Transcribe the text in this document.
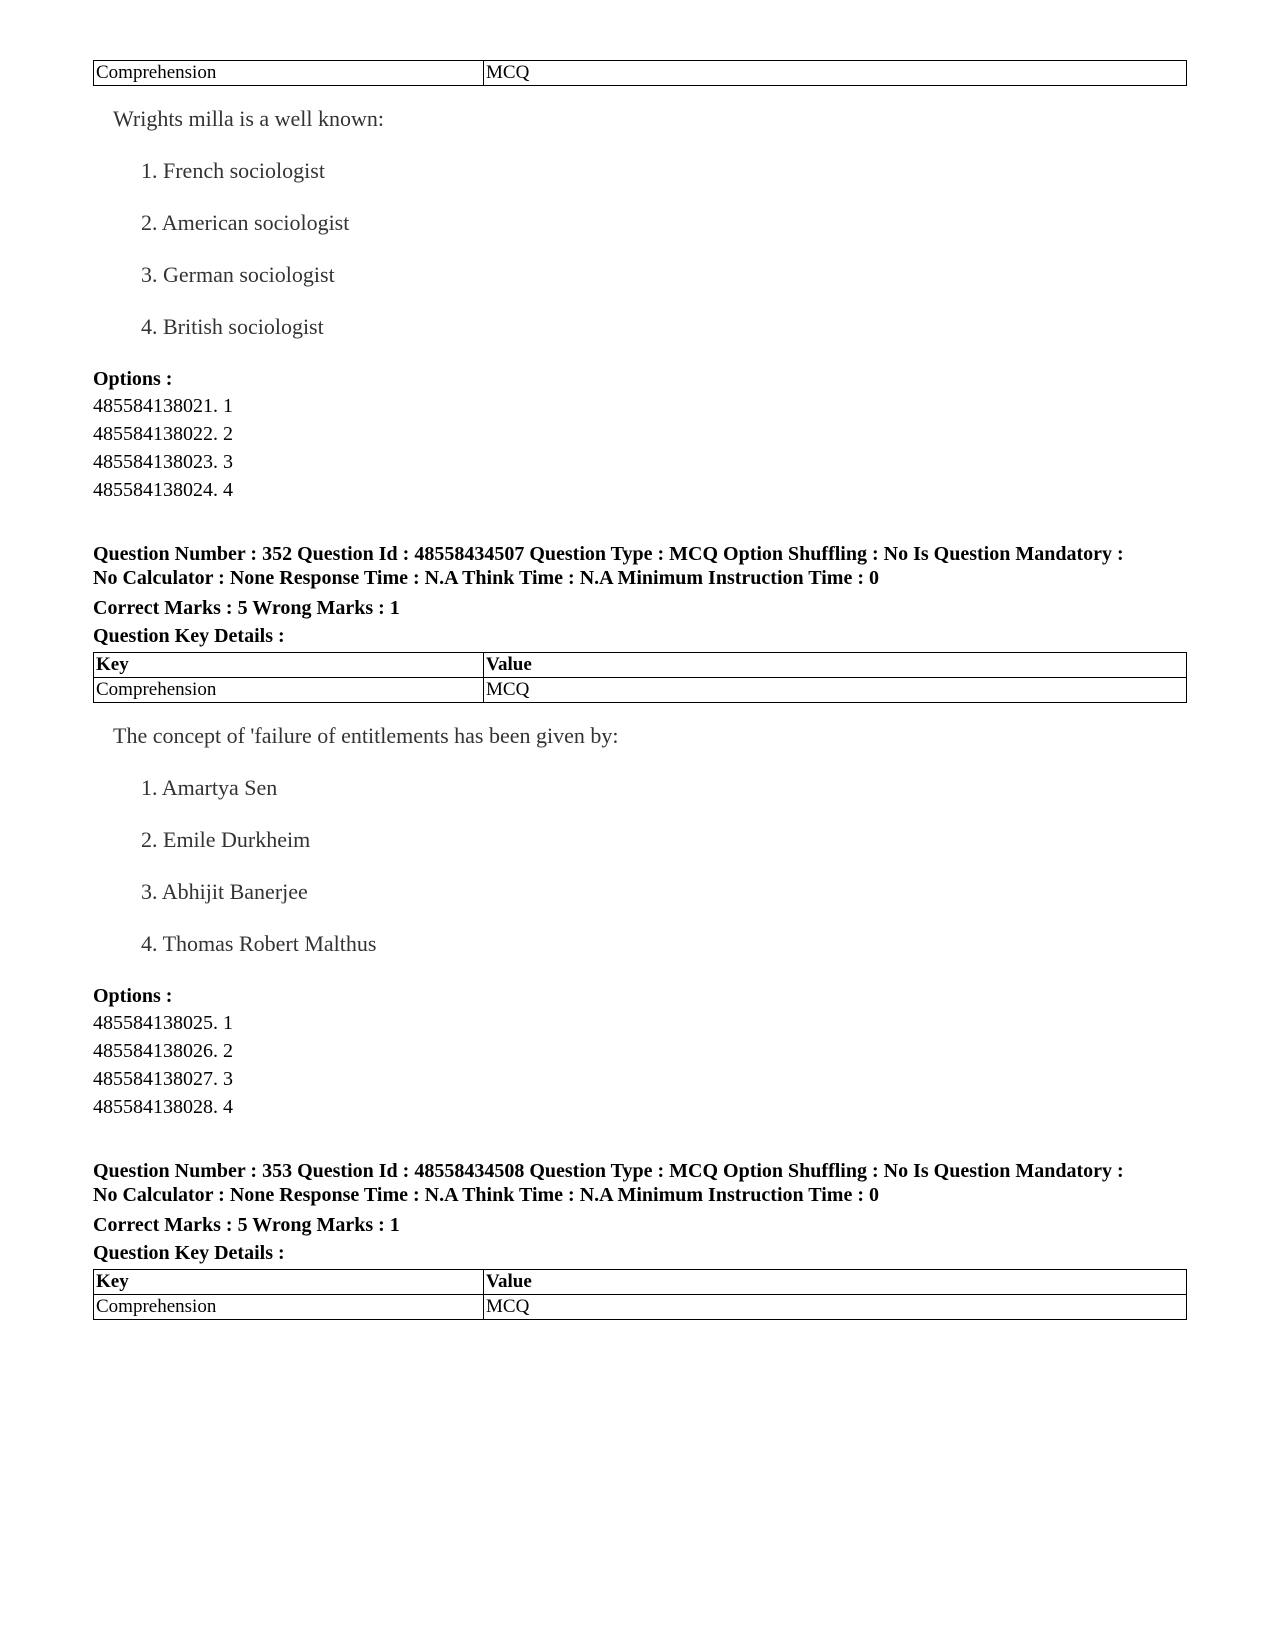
Comprehension	MCQ
Wrights milla is a well known:
1. French sociologist
2. American sociologist
3. German sociologist
4. British sociologist
Options :
485584138021. 1
485584138022. 2
485584138023. 3
485584138024. 4
Question Number : 352 Question Id : 48558434507 Question Type : MCQ Option Shuffling : No Is Question Mandatory :
No Calculator : None Response Time : N.A Think Time : N.A Minimum Instruction Time : 0
Correct Marks : 5 Wrong Marks : 1
Question Key Details :
Key	Value
Comprehension	MCQ
The concept of 'failure of entitlements has been given by:
1. Amartya Sen
2. Emile Durkheim
3. Abhijit Banerjee
4. Thomas Robert Malthus
Options :
485584138025. 1
485584138026. 2
485584138027. 3
485584138028. 4
Question Number : 353 Question Id : 48558434508 Question Type : MCQ Option Shuffling : No Is Question Mandatory :
No Calculator : None Response Time : N.A Think Time : N.A Minimum Instruction Time : 0
Correct Marks : 5 Wrong Marks : 1
Question Key Details :
Key	Value
Comprehension	MCQ
